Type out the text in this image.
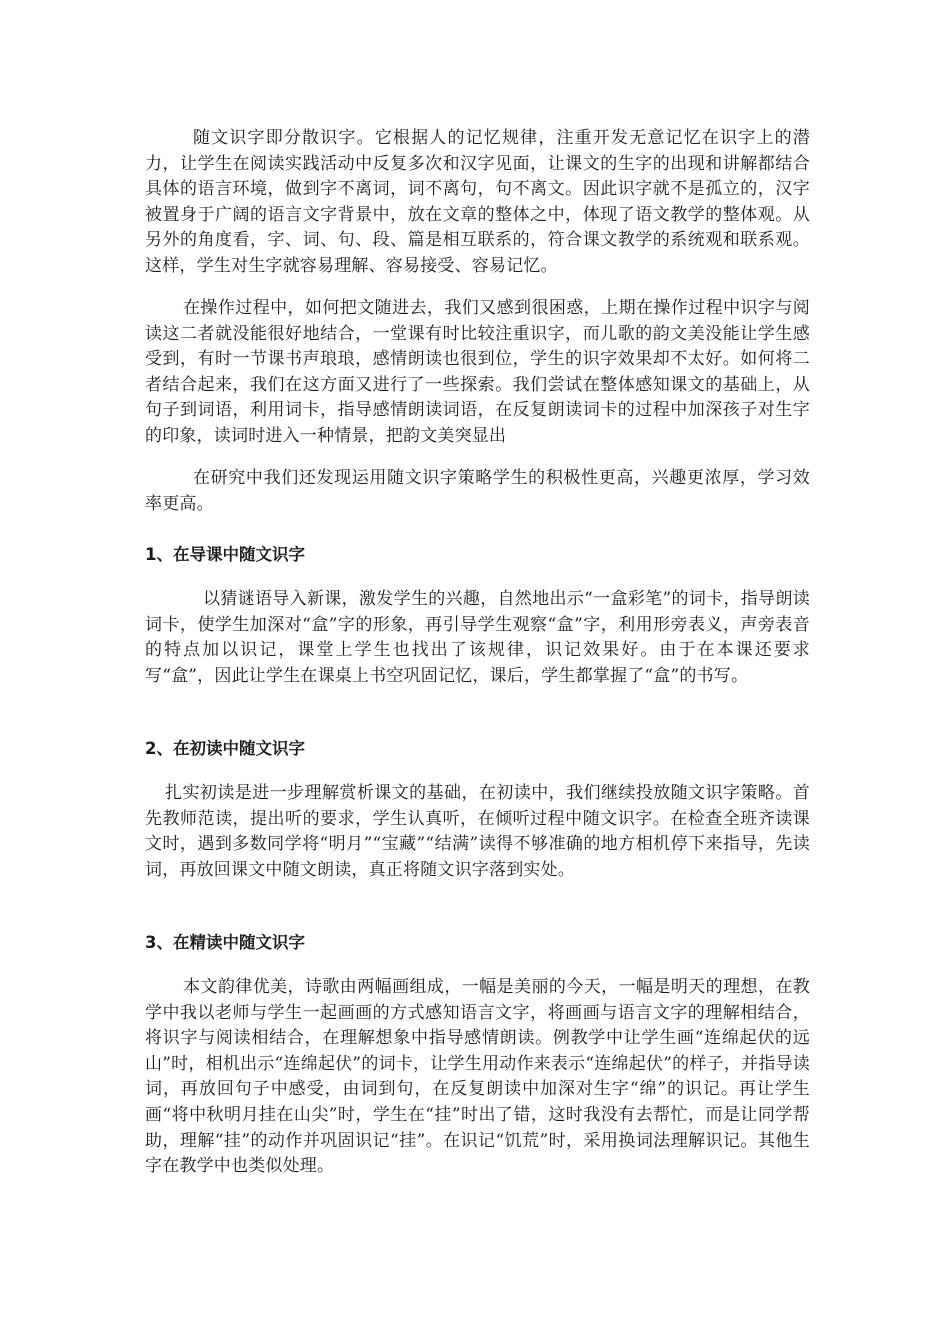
随文识字即分散识字。它根据人的记忆规律，注重开发无意记忆在识字上的潜力，让学生在阅读实践活动中反复多次和汉字见面，让课文的生字的出现和讲解都结合具体的语言环境，做到字不离词，词不离句，句不离文。因此识字就不是孤立的，汉字被置身于广阔的语言文字背景中，放在文章的整体之中，体现了语文教学的整体观。从另外的角度看，字、词、句、段、篇是相互联系的，符合课文教学的系统观和联系观。这样，学生对生字就容易理解、容易接受、容易记忆。

在操作过程中，如何把文随进去，我们又感到很困惑，上期在操作过程中识字与阅读这二者就没能很好地结合，一堂课有时比较注重识字，而儿歌的韵文美没能让学生感受到，有时一节课书声琅琅，感情朗读也很到位，学生的识字效果却不太好。如何将二者结合起来，我们在这方面又进行了一些探索。我们尝试在整体感知课文的基础上，从句子到词语，利用词卡，指导感情朗读词语，在反复朗读词卡的过程中加深孩子对生字的印象，读词时进入一种情景，把韵文美突显出

在研究中我们还发现运用随文识字策略学生的积极性更高，兴趣更浓厚，学习效率更高。

1、在导课中随文识字

以猜谜语导入新课，激发学生的兴趣，自然地出示“一盒彩笔”的词卡，指导朗读词卡，使学生加深对“盒”字的形象，再引导学生观察“盒”字，利用形旁表义，声旁表音的特点加以识记，课堂上学生也找出了该规律，识记效果好。由于在本课还要求写“盒”，因此让学生在课桌上书空巩固记忆，课后，学生都掌握了“盒”的书写。

2、在初读中随文识字

扎实初读是进一步理解赏析课文的基础，在初读中，我们继续投放随文识字策略。首先教师范读，提出听的要求，学生认真听，在倾听过程中随文识字。在检查全班齐读课文时，遇到多数同学将“明月”“宝藏”“结满”读得不够准确的地方相机停下来指导，先读词，再放回课文中随文朗读，真正将随文识字落到实处。

3、在精读中随文识字

本文韵律优美，诗歌由两幅画组成，一幅是美丽的今天，一幅是明天的理想，在教学中我以老师与学生一起画画的方式感知语言文字，将画画与语言文字的理解相结合，将识字与阅读相结合，在理解想象中指导感情朗读。例教学中让学生画“连绵起伏的远山”时，相机出示“连绵起伏”的词卡，让学生用动作来表示“连绵起伏”的样子，并指导读词，再放回句子中感受，由词到句，在反复朗读中加深对生字“绵”的识记。再让学生画“将中秋明月挂在山尖”时，学生在“挂”时出了错，这时我没有去帮忙，而是让同学帮助，理解“挂”的动作并巩固识记“挂”。在识记“饥荒”时，采用换词法理解识记。其他生字在教学中也类似处理。
